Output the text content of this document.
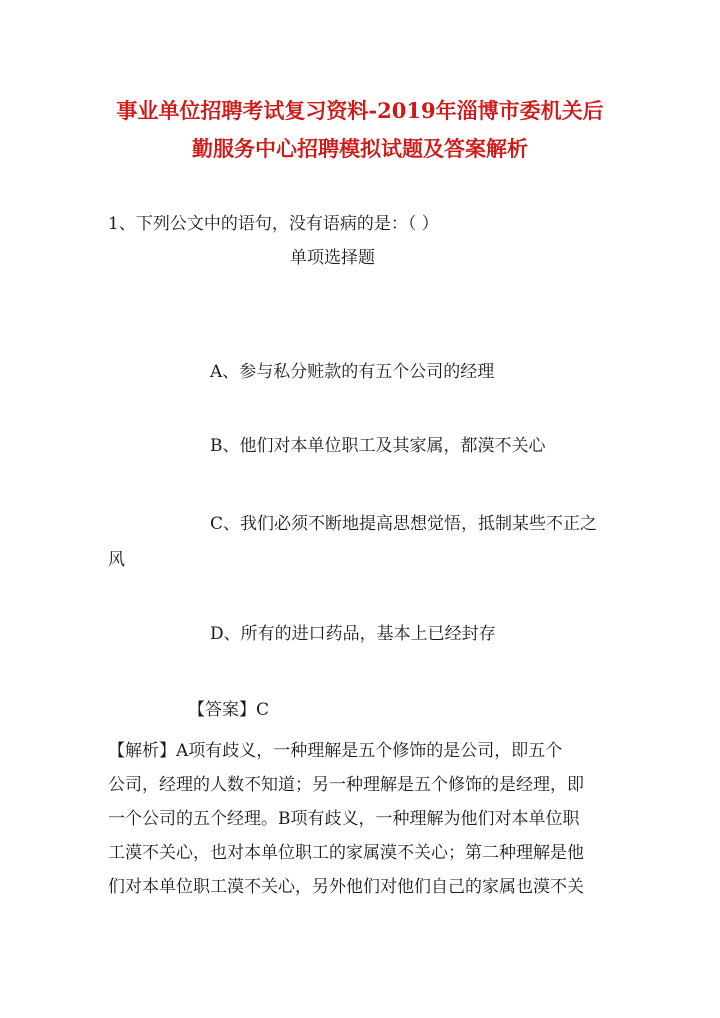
事业单位招聘考试复习资料-2019年淄博市委机关后
勤服务中心招聘模拟试题及答案解析
1、下列公文中的语句，没有语病的是：（ ）
单项选择题
A、参与私分赃款的有五个公司的经理
B、他们对本单位职工及其家属，都漠不关心
C、我们必须不断地提高思想觉悟，抵制某些不正之
风
D、所有的进口药品，基本上已经封存
【答案】C
【解析】A项有歧义，一种理解是五个修饰的是公司，即五个
公司，经理的人数不知道；另一种理解是五个修饰的是经理，即
一个公司的五个经理。B项有歧义，一种理解为他们对本单位职
工漠不关心，也对本单位职工的家属漠不关心；第二种理解是他
们对本单位职工漠不关心，另外他们对他们自己的家属也漠不关
